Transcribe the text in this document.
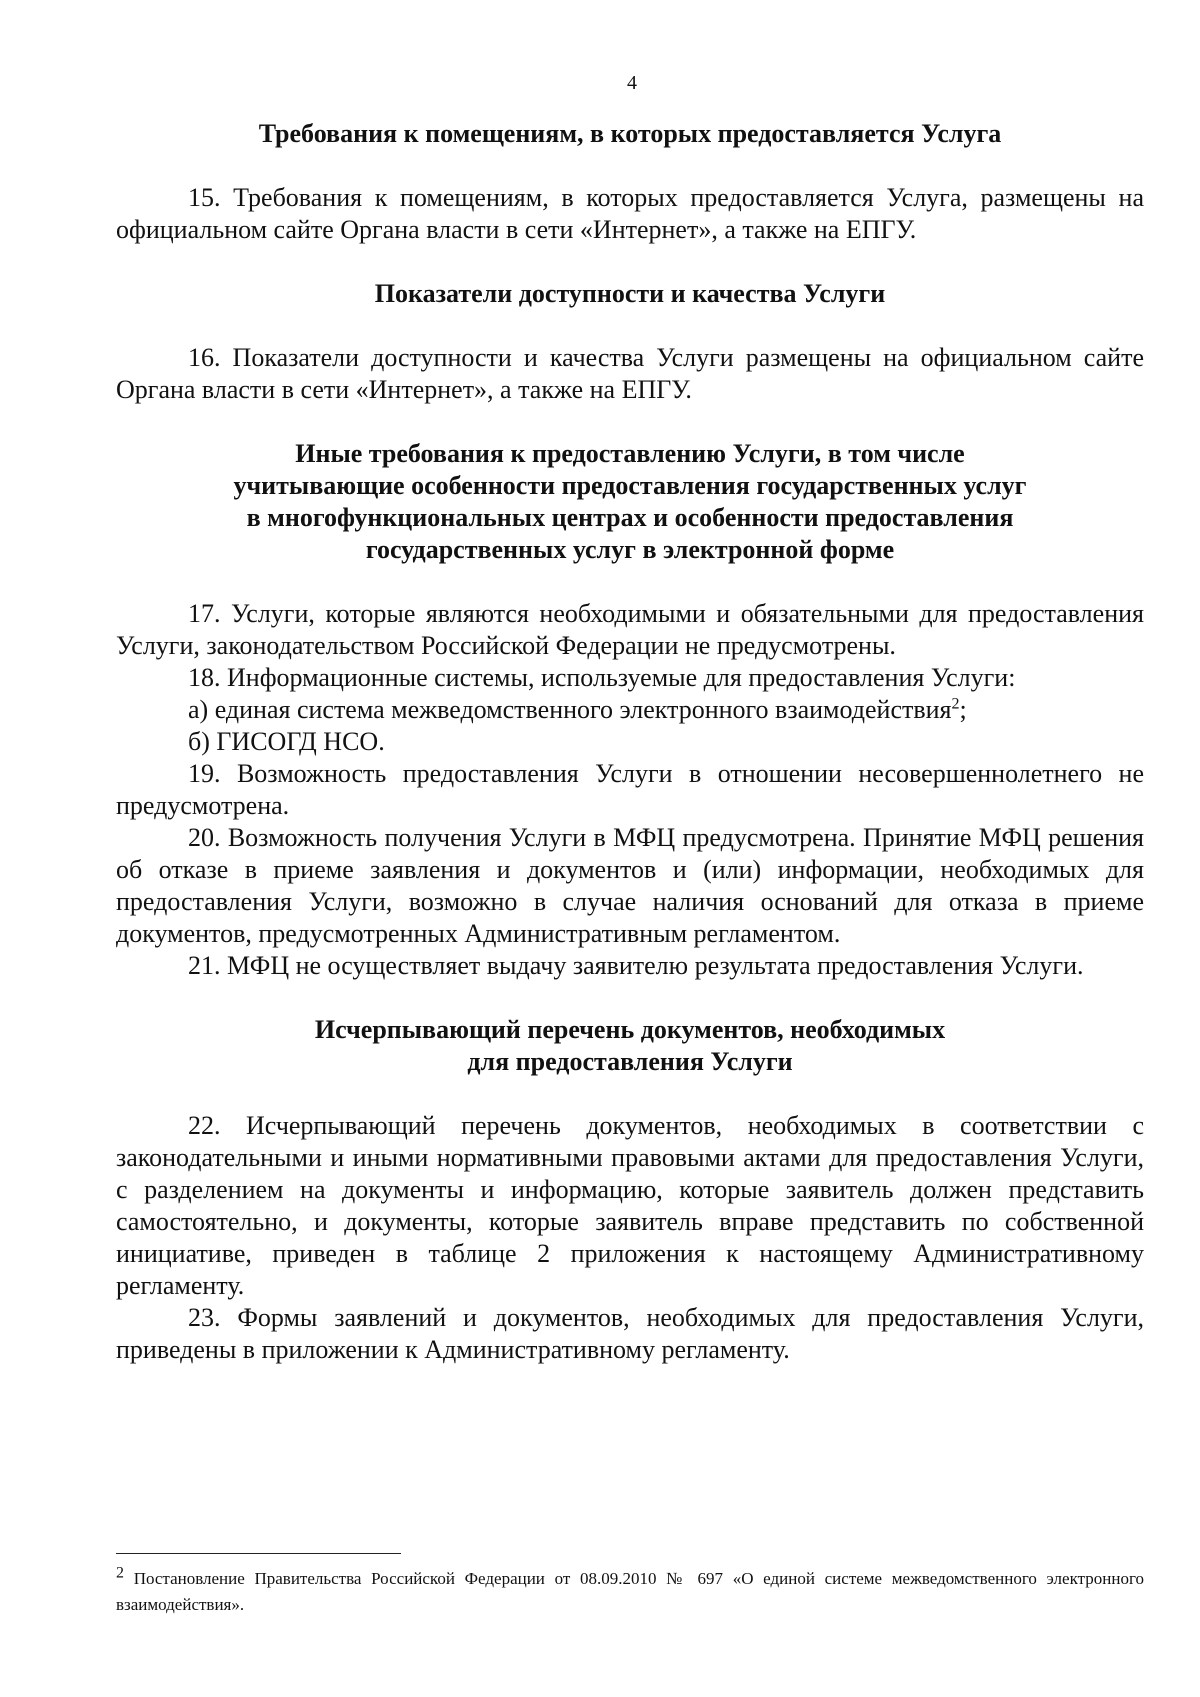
4
Требования к помещениям, в которых предоставляется Услуга

15. Требования к помещениям, в которых предоставляется Услуга, размещены на официальном сайте Органа власти в сети «Интернет», а также на ЕПГУ.

Показатели доступности и качества Услуги

16. Показатели доступности и качества Услуги размещены на официальном сайте Органа власти в сети «Интернет», а также на ЕПГУ.

Иные требования к предоставлению Услуги, в том числе
учитывающие особенности предоставления государственных услуг
в многофункциональных центрах и особенности предоставления
государственных услуг в электронной форме

17. Услуги, которые являются необходимыми и обязательными для предоставления Услуги, законодательством Российской Федерации не предусмотрены.

18. Информационные системы, используемые для предоставления Услуги:

а) единая система межведомственного электронного взаимодействия$^2$;

б) ГИСОГД НСО.

19. Возможность предоставления Услуги в отношении несовершеннолетнего не предусмотрена.

20. Возможность получения Услуги в МФЦ предусмотрена. Принятие МФЦ решения об отказе в приеме заявления и документов и (или) информации, необходимых для предоставления Услуги, возможно в случае наличия оснований для отказа в приеме документов, предусмотренных Административным регламентом.

21. МФЦ не осуществляет выдачу заявителю результата предоставления Услуги.

Исчерпывающий перечень документов, необходимых
для предоставления Услуги

22. Исчерпывающий перечень документов, необходимых в соответствии с законодательными и иными нормативными правовыми актами для предоставления Услуги, с разделением на документы и информацию, которые заявитель должен представить самостоятельно, и документы, которые заявитель вправе представить по собственной инициативе, приведен в таблице 2 приложения к настоящему Административному регламенту.

23. Формы заявлений и документов, необходимых для предоставления Услуги, приведены в приложении к Административному регламенту.

$^2$ Постановление Правительства Российской Федерации от 08.09.2010 № 697 «О единой системе межведомственного электронного взаимодействия».
